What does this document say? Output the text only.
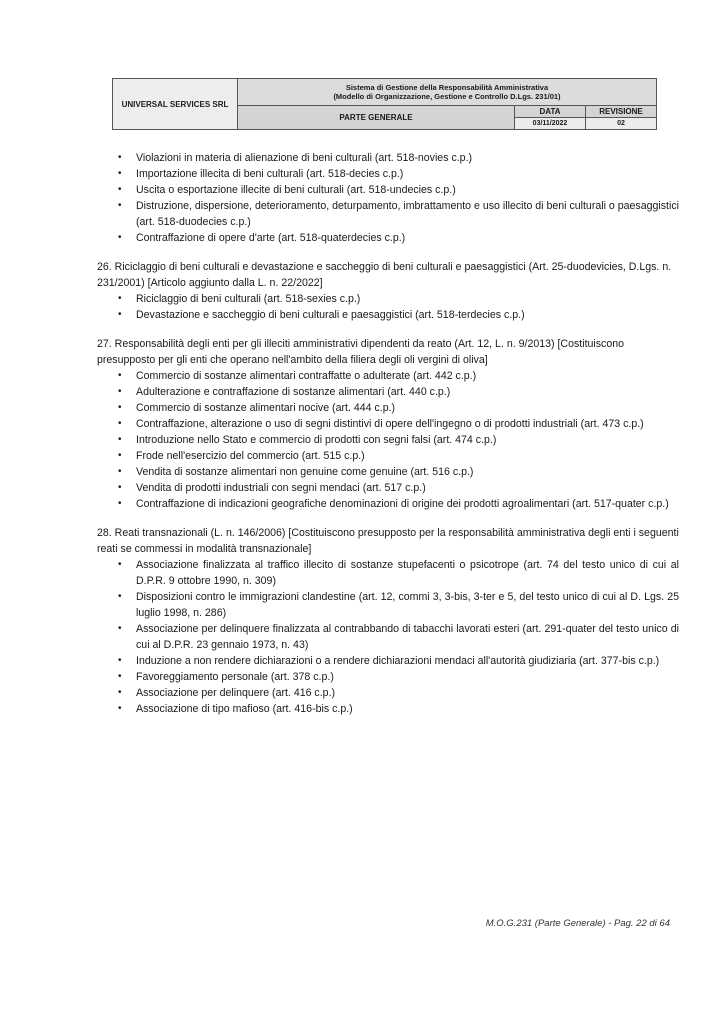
UNIVERSAL SERVICES SRL	Sistema di Gestione della Responsabilità Amministrativa
(Modello di Organizzazione, Gestione e Controllo D.Lgs. 231/01)		

	PARTE GENERALE	DATA	REVISIONE
		03/11/2022	02
• Violazioni in materia di alienazione di beni culturali (art. 518-novies c.p.)
• Importazione illecita di beni culturali (art. 518-decies c.p.)
• Uscita o esportazione illecite di beni culturali (art. 518-undecies c.p.)
• Distruzione, dispersione, deterioramento, deturpamento, imbrattamento e uso illecito di beni culturali o paesaggistici (art. 518-duodecies c.p.)
• Contraffazione di opere d'arte (art. 518-quaterdecies c.p.)
26. Riciclaggio di beni culturali e devastazione e saccheggio di beni culturali e paesaggistici (Art. 25-duodevicies, D.Lgs. n. 231/2001) [Articolo aggiunto dalla L. n. 22/2022]
• Riciclaggio di beni culturali (art. 518-sexies c.p.)
• Devastazione e saccheggio di beni culturali e paesaggistici (art. 518-terdecies c.p.)
27. Responsabilità degli enti per gli illeciti amministrativi dipendenti da reato (Art. 12, L. n. 9/2013) [Costituiscono presupposto per gli enti che operano nell'ambito della filiera degli oli vergini di oliva]
• Commercio di sostanze alimentari contraffatte o adulterate (art. 442 c.p.)
• Adulterazione e contraffazione di sostanze alimentari (art. 440 c.p.)
• Commercio di sostanze alimentari nocive (art. 444 c.p.)
• Contraffazione, alterazione o uso di segni distintivi di opere dell'ingegno o di prodotti industriali (art. 473 c.p.)
• Introduzione nello Stato e commercio di prodotti con segni falsi (art. 474 c.p.)
• Frode nell'esercizio del commercio (art. 515 c.p.)
• Vendita di sostanze alimentari non genuine come genuine (art. 516 c.p.)
• Vendita di prodotti industriali con segni mendaci (art. 517 c.p.)
• Contraffazione di indicazioni geografiche denominazioni di origine dei prodotti agroalimentari (art. 517-quater c.p.)
28. Reati transnazionali (L. n. 146/2006) [Costituiscono presupposto per la responsabilità amministrativa degli enti i seguenti reati se commessi in modalità transnazionale]
• Associazione finalizzata al traffico illecito di sostanze stupefacenti o psicotrope (art. 74 del testo unico di cui al D.P.R. 9 ottobre 1990, n. 309)
• Disposizioni contro le immigrazioni clandestine (art. 12, commi 3, 3-bis, 3-ter e 5, del testo unico di cui al D. Lgs. 25 luglio 1998, n. 286)
• Associazione per delinquere finalizzata al contrabbando di tabacchi lavorati esteri (art. 291-quater del testo unico di cui al D.P.R. 23 gennaio 1973, n. 43)
• Induzione a non rendere dichiarazioni o a rendere dichiarazioni mendaci all'autorità giudiziaria (art. 377-bis c.p.)
• Favoreggiamento personale (art. 378 c.p.)
• Associazione per delinquere (art. 416 c.p.)
• Associazione di tipo mafioso (art. 416-bis c.p.)
M.O.G.231 (Parte Generale) - Pag. 22 di 64
